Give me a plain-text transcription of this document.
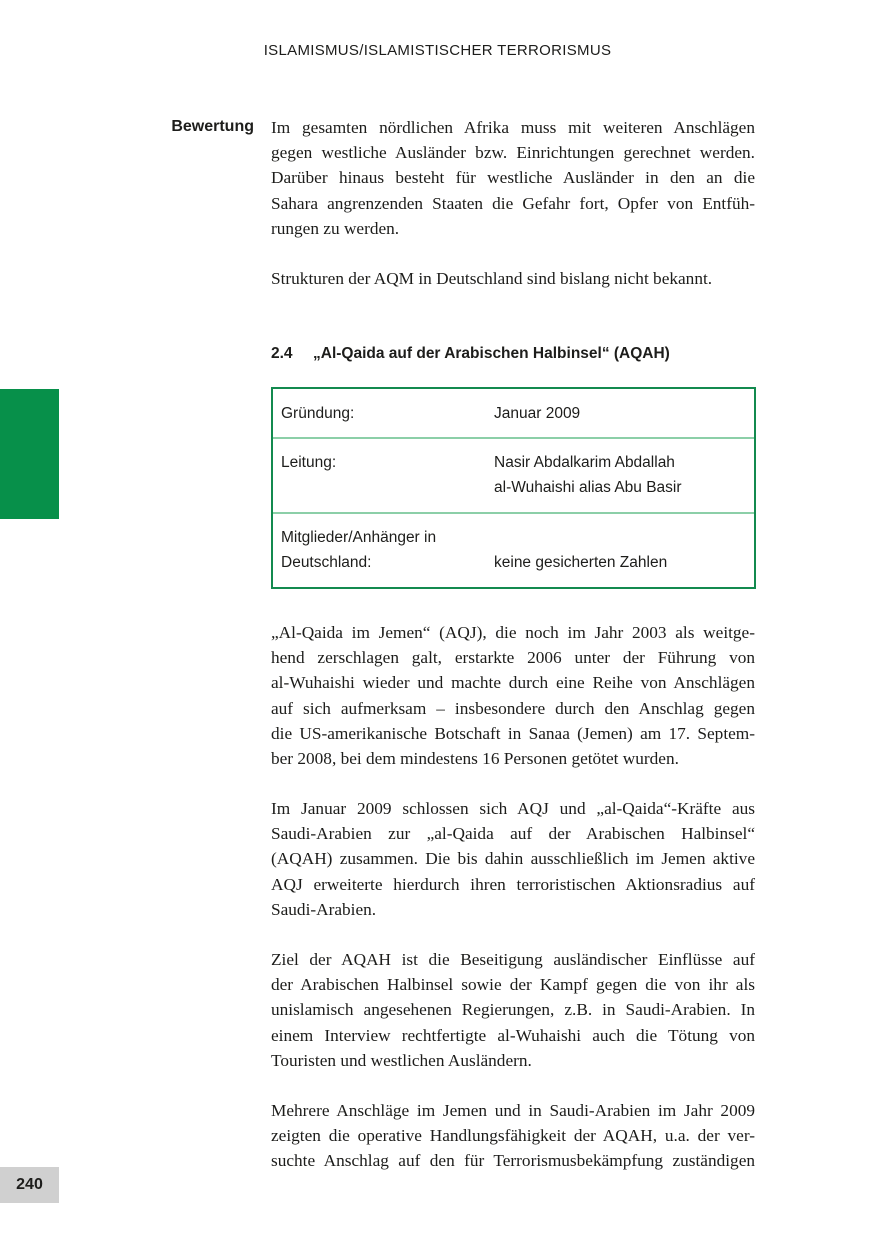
ISLAMISMUS/ISLAMISTISCHER TERRORISMUS
240
Bewertung Im gesamten nördlichen Afrika muss mit weiteren Anschlägen
gegen westliche Ausländer bzw. Einrichtungen gerechnet werden.
Darüber hinaus besteht für westliche Ausländer in den an die
Sahara angrenzenden Staaten die Gefahr fort, Opfer von Entfüh-
rungen zu werden.
Strukturen der AQM in Deutschland sind bislang nicht bekannt.
2.4	„Al-Qaida auf der Arabischen Halbinsel“ (AQAH)
Gründung:	Januar 2009
Leitung:	Nasir Abdalkarim Abdallah
al-Wuhaishi alias Abu Basir
Mitglieder/Anhänger in
Deutschland:	keine gesicherten Zahlen
„Al-Qaida im Jemen“ (AQJ), die noch im Jahr 2003 als weitge-
hend zerschlagen galt, erstarkte 2006 unter der Führung von
al-Wuhaishi wieder und machte durch eine Reihe von Anschlägen
auf sich aufmerksam – insbesondere durch den Anschlag gegen
die US-amerikanische Botschaft in Sanaa (Jemen) am 17. Septem-
ber 2008, bei dem mindestens 16 Personen getötet wurden.
Im Januar 2009 schlossen sich AQJ und „al-Qaida“-Kräfte aus
Saudi-Arabien zur „al-Qaida auf der Arabischen Halbinsel“
(AQAH) zusammen. Die bis dahin ausschließlich im Jemen aktive
AQJ erweiterte hierdurch ihren terroristischen Aktionsradius auf
Saudi-Arabien.
Ziel der AQAH ist die Beseitigung ausländischer Einflüsse auf
der Arabischen Halbinsel sowie der Kampf gegen die von ihr als
unislamisch angesehenen Regierungen, z.B. in Saudi-Arabien. In
einem Interview rechtfertigte al-Wuhaishi auch die Tötung von
Touristen und westlichen Ausländern.
Mehrere Anschläge im Jemen und in Saudi-Arabien im Jahr 2009
zeigten die operative Handlungsfähigkeit der AQAH, u.a. der ver-
suchte Anschlag auf den für Terrorismusbekämpfung zuständigen
